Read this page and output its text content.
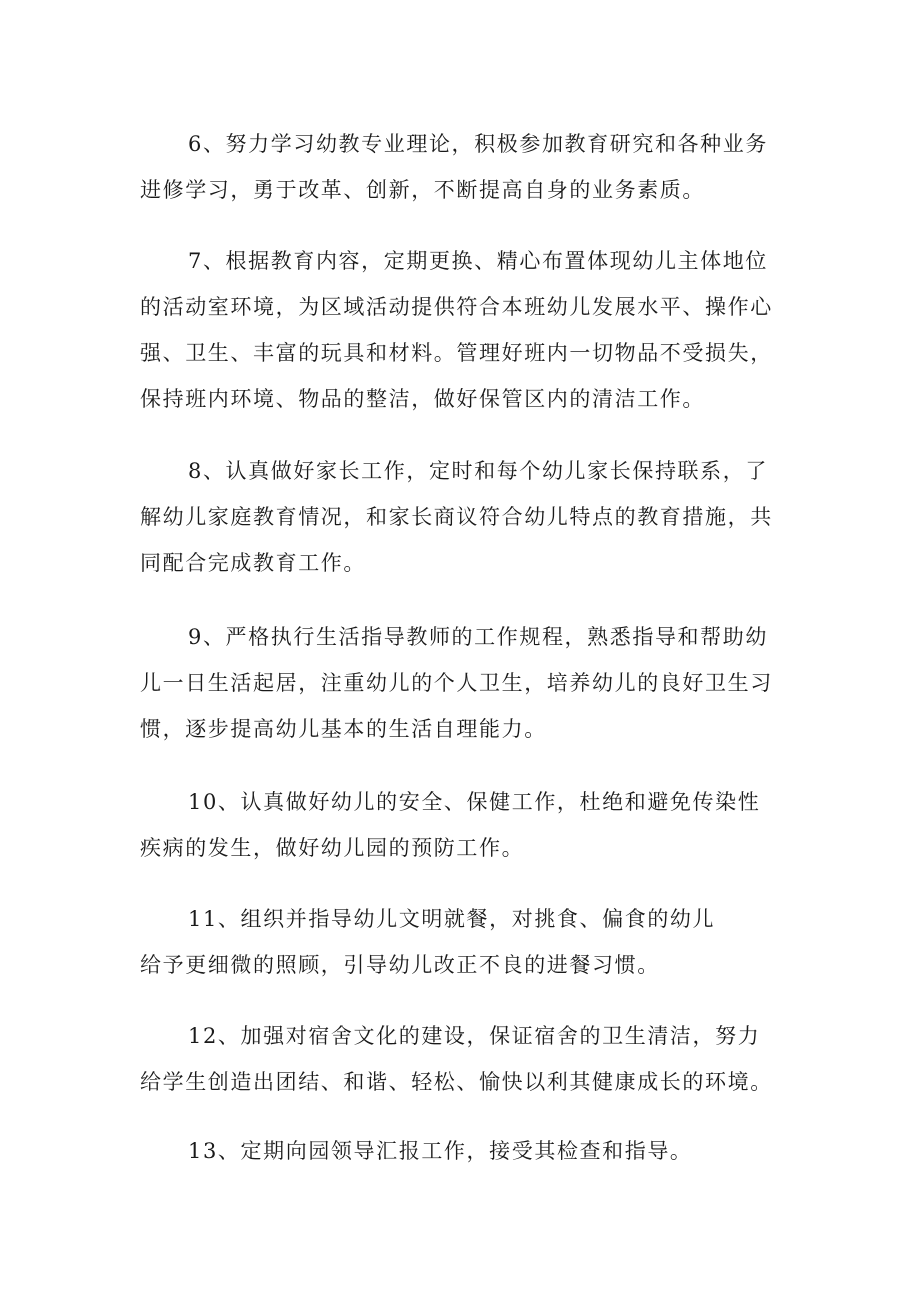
6、努力学习幼教专业理论，积极参加教育研究和各种业务
进修学习，勇于改革、创新，不断提高自身的业务素质。

7、根据教育内容，定期更换、精心布置体现幼儿主体地位
的活动室环境，为区域活动提供符合本班幼儿发展水平、操作心
强、卫生、丰富的玩具和材料。管理好班内一切物品不受损失，
保持班内环境、物品的整洁，做好保管区内的清洁工作。

8、认真做好家长工作，定时和每个幼儿家长保持联系，了
解幼儿家庭教育情况，和家长商议符合幼儿特点的教育措施，共
同配合完成教育工作。

9、严格执行生活指导教师的工作规程，熟悉指导和帮助幼
儿一日生活起居，注重幼儿的个人卫生，培养幼儿的良好卫生习
惯，逐步提高幼儿基本的生活自理能力。

10、认真做好幼儿的安全、保健工作，杜绝和避免传染性
疾病的发生，做好幼儿园的预防工作。

11、组织并指导幼儿文明就餐，对挑食、偏食的幼儿
给予更细微的照顾，引导幼儿改正不良的进餐习惯。

12、加强对宿舍文化的建设，保证宿舍的卫生清洁，努力
给学生创造出团结、和谐、轻松、愉快以利其健康成长的环境。

13、定期向园领导汇报工作，接受其检查和指导。
